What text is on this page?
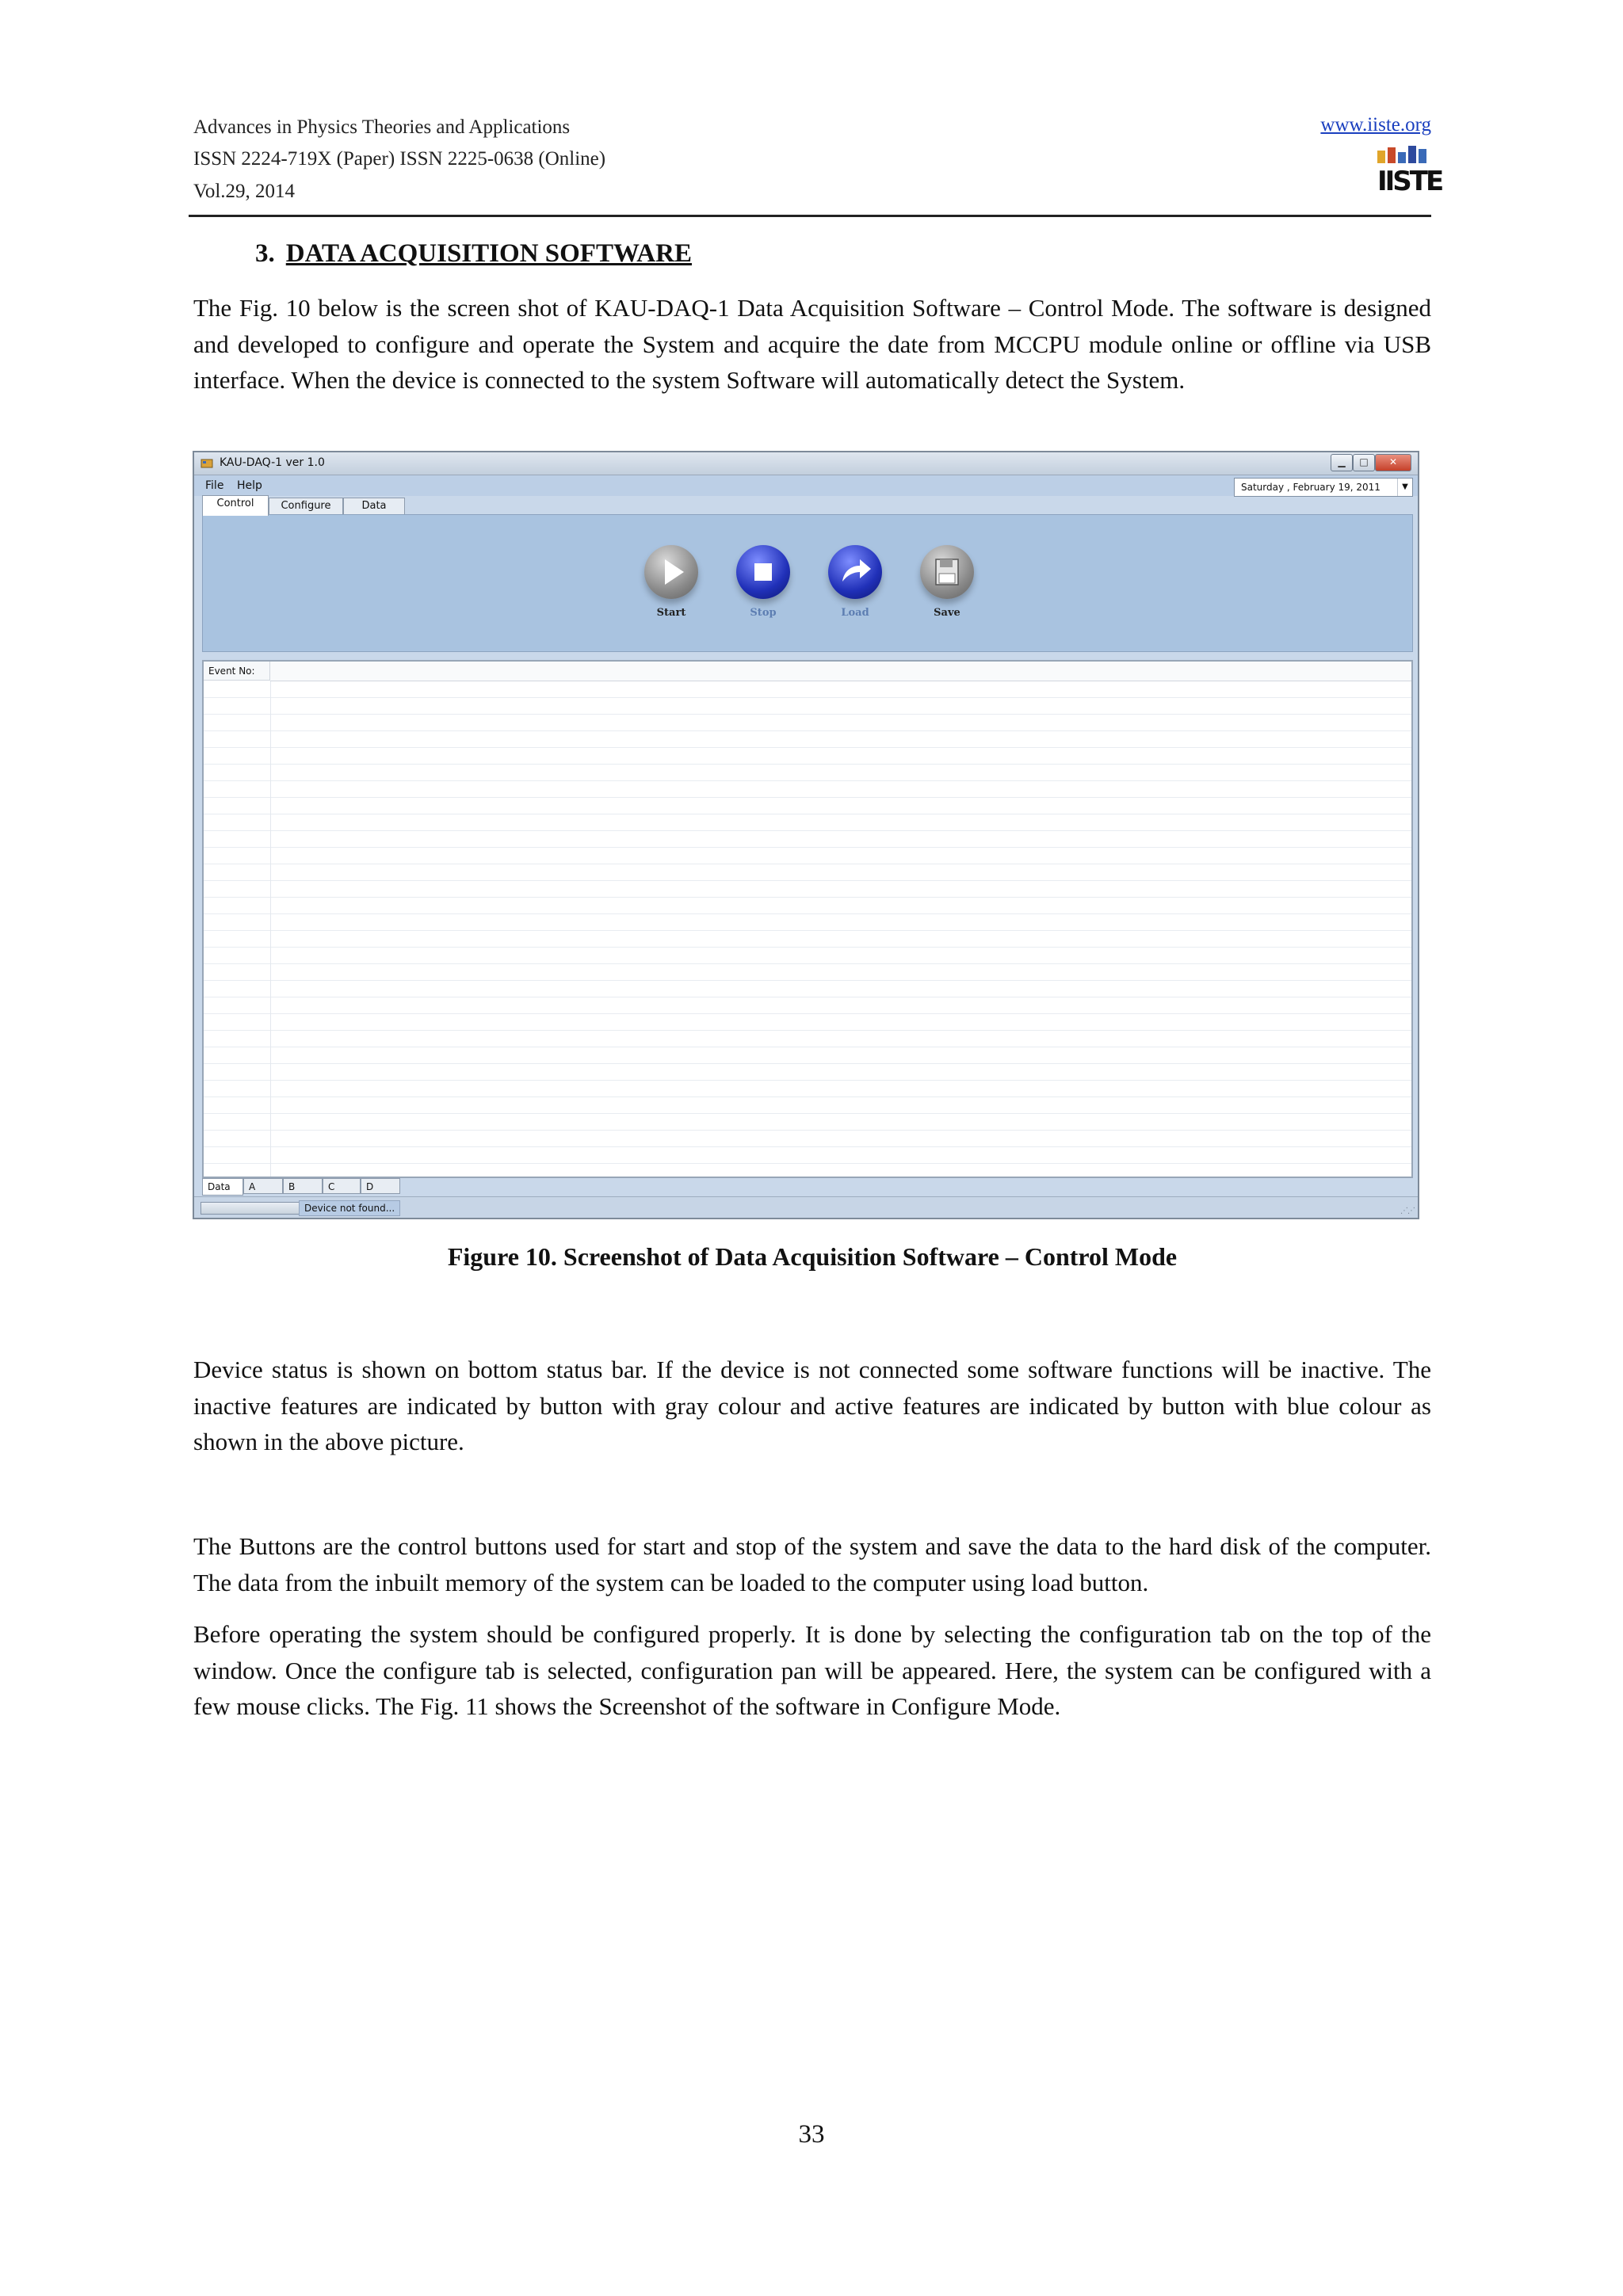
Advances in Physics Theories and Applications
ISSN 2224-719X (Paper) ISSN 2225-0638 (Online)
Vol.29, 2014
www.iiste.org
IISTE
3. DATA ACQUISITION SOFTWARE
The Fig. 10 below is the screen shot of KAU-DAQ-1 Data Acquisition Software – Control Mode. The software is designed and developed to configure and operate the System and acquire the date from MCCPU module online or offline via USB interface. When the device is connected to the system Software will automatically detect the System.
KAU-DAQ-1 ver 1.0	▁	□	✕
File Help	Saturday , February 19, 2011	▼
Control	Configure	Data
Start	Stop	Load	Save
Event No:
Data	A	B	C	D
Device not found...	⋰⋰
Figure 10. Screenshot of Data Acquisition Software – Control Mode
Device status is shown on bottom status bar. If the device is not connected some software functions will be inactive. The inactive features are indicated by button with gray colour and active features are indicated by button with blue colour as shown in the above picture.
The Buttons are the control buttons used for start and stop of the system and save the data to the hard disk of the computer. The data from the inbuilt memory of the system can be loaded to the computer using load button.
Before operating the system should be configured properly. It is done by selecting the configuration tab on the top of the window. Once the configure tab is selected, configuration pan will be appeared. Here, the system can be configured with a few mouse clicks. The Fig. 11 shows the Screenshot of the software in Configure Mode.
33
